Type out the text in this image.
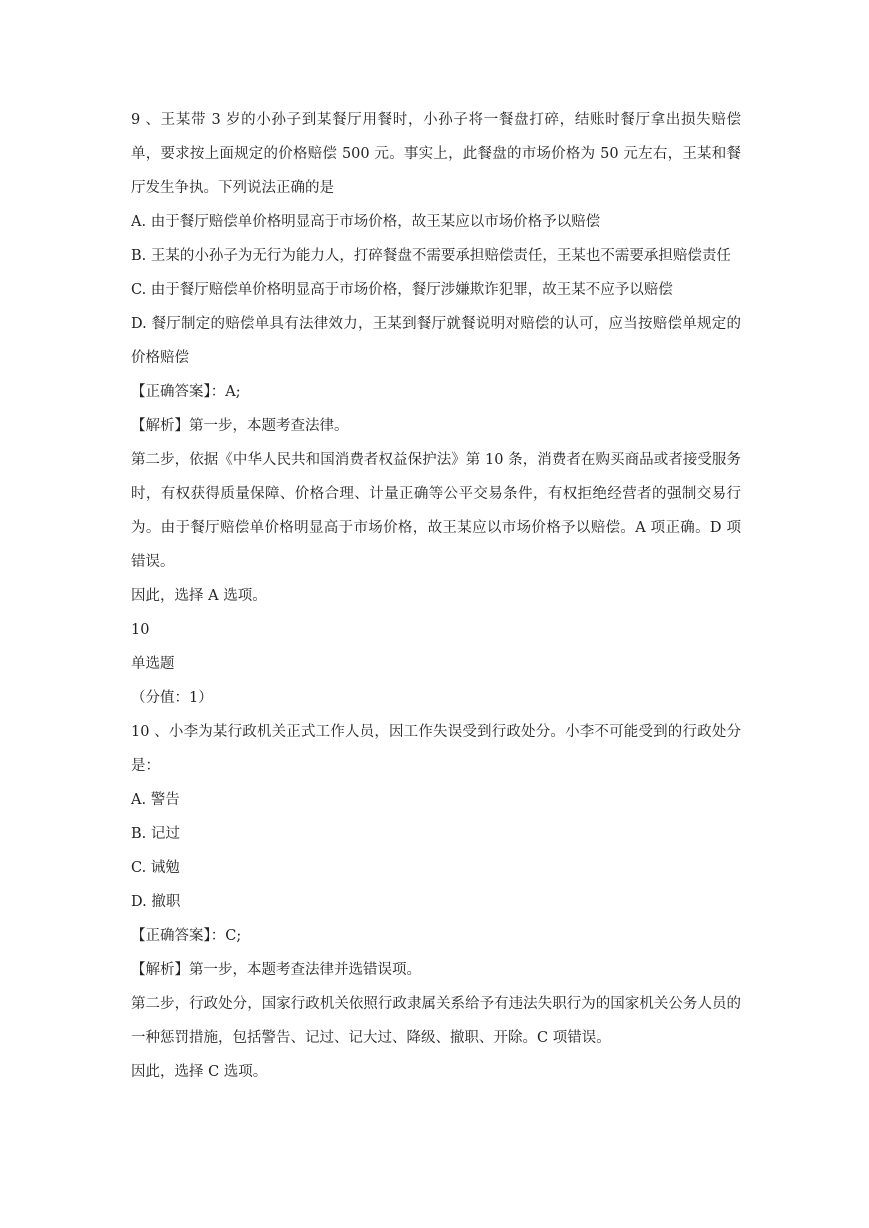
9 、王某带 3 岁的小孙子到某餐厅用餐时，小孙子将一餐盘打碎，结账时餐厅拿出损失赔偿单，要求按上面规定的价格赔偿 500 元。事实上，此餐盘的市场价格为 50 元左右，王某和餐厅发生争执。下列说法正确的是

A. 由于餐厅赔偿单价格明显高于市场价格，故王某应以市场价格予以赔偿

B. 王某的小孙子为无行为能力人，打碎餐盘不需要承担赔偿责任，王某也不需要承担赔偿责任

C. 由于餐厅赔偿单价格明显高于市场价格，餐厅涉嫌欺诈犯罪，故王某不应予以赔偿

D. 餐厅制定的赔偿单具有法律效力，王某到餐厅就餐说明对赔偿的认可，应当按赔偿单规定的价格赔偿

【正确答案】：A;

【解析】第一步，本题考查法律。

第二步，依据《中华人民共和国消费者权益保护法》第 10 条，消费者在购买商品或者接受服务时，有权获得质量保障、价格合理、计量正确等公平交易条件，有权拒绝经营者的强制交易行为。由于餐厅赔偿单价格明显高于市场价格，故王某应以市场价格予以赔偿。A 项正确。D 项错误。

因此，选择 A 选项。

10

单选题

（分值：1）

10 、小李为某行政机关正式工作人员，因工作失误受到行政处分。小李不可能受到的行政处分是：

A. 警告

B. 记过

C. 诫勉

D. 撤职

【正确答案】：C;

【解析】第一步，本题考查法律并选错误项。

第二步，行政处分，国家行政机关依照行政隶属关系给予有违法失职行为的国家机关公务人员的一种惩罚措施，包括警告、记过、记大过、降级、撤职、开除。C 项错误。

因此，选择 C 选项。
